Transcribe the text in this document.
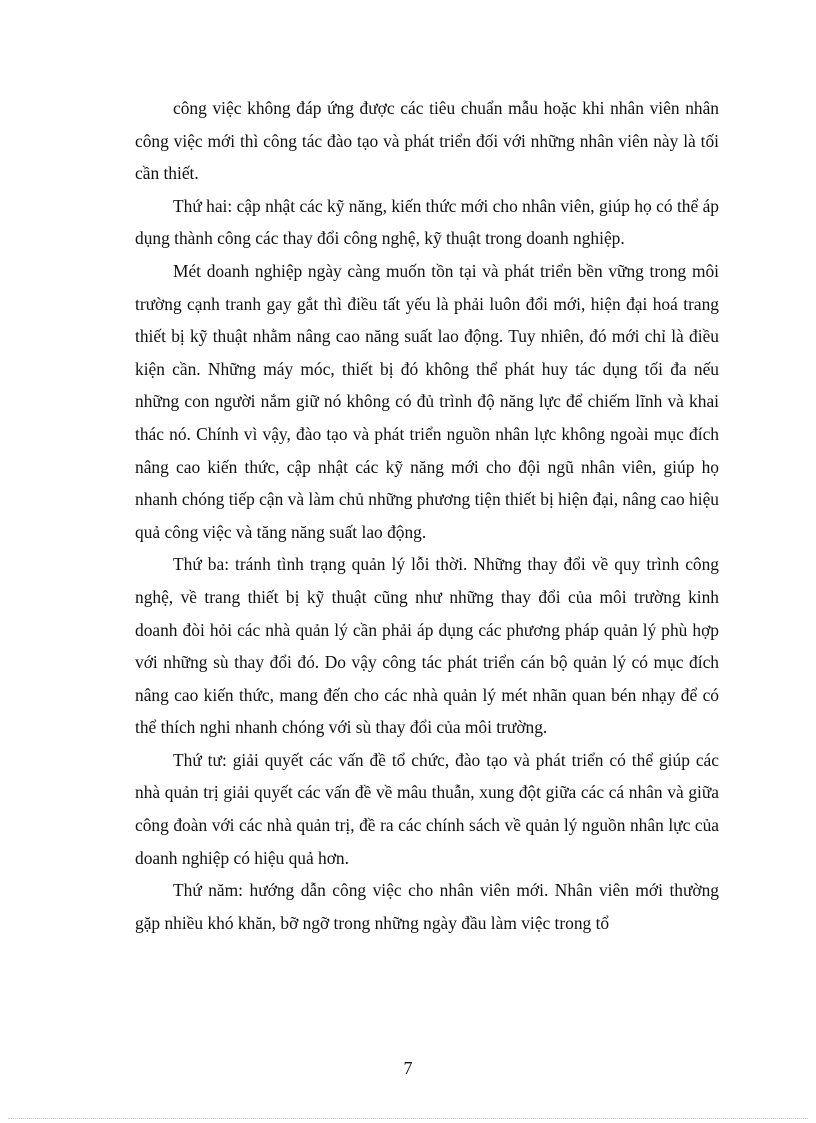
công việc không đáp ứng được các tiêu chuẩn mẫu hoặc khi nhân viên nhân công việc mới thì công tác đào tạo và phát triển đối với những nhân viên này là tối cần thiết.

Thứ hai: cập nhật các kỹ năng, kiến thức mới cho nhân viên, giúp họ có thể áp dụng thành công các thay đổi công nghệ, kỹ thuật trong doanh nghiệp.

Mét doanh nghiệp ngày càng muốn tồn tại và phát triển bền vững trong môi trường cạnh tranh gay gắt thì điều tất yếu là phải luôn đổi mới, hiện đại hoá trang thiết bị kỹ thuật nhằm nâng cao năng suất lao động. Tuy nhiên, đó mới chỉ là điều kiện cần. Những máy móc, thiết bị đó không thể phát huy tác dụng tối đa nếu những con người nắm giữ nó không có đủ trình độ năng lực để chiếm lĩnh và khai thác nó. Chính vì vậy, đào tạo và phát triển nguồn nhân lực không ngoài mục đích nâng cao kiến thức, cập nhật các kỹ năng mới cho đội ngũ nhân viên, giúp họ nhanh chóng tiếp cận và làm chủ những phương tiện thiết bị hiện đại, nâng cao hiệu quả công việc và tăng năng suất lao động.

Thứ ba: tránh tình trạng quản lý lỗi thời. Những thay đổi về quy trình công nghệ, về trang thiết bị kỹ thuật cũng như những thay đổi của môi trường kinh doanh đòi hỏi các nhà quản lý cần phải áp dụng các phương pháp quản lý phù hợp với những sù thay đổi đó. Do vậy công tác phát triển cán bộ quản lý có mục đích nâng cao kiến thức, mang đến cho các nhà quản lý mét nhãn quan bén nhạy để có thể thích nghi nhanh chóng với sù thay đổi của môi trường.

Thứ tư: giải quyết các vấn đề tổ chức, đào tạo và phát triển có thể giúp các nhà quản trị giải quyết các vấn đề về mâu thuẫn, xung đột giữa các cá nhân và giữa công đoàn với các nhà quản trị, đề ra các chính sách về quản lý nguồn nhân lực của doanh nghiệp có hiệu quả hơn.

Thứ năm: hướng dẫn công việc cho nhân viên mới. Nhân viên mới thường gặp nhiều khó khăn, bỡ ngỡ trong những ngày đầu làm việc trong tổ

7
